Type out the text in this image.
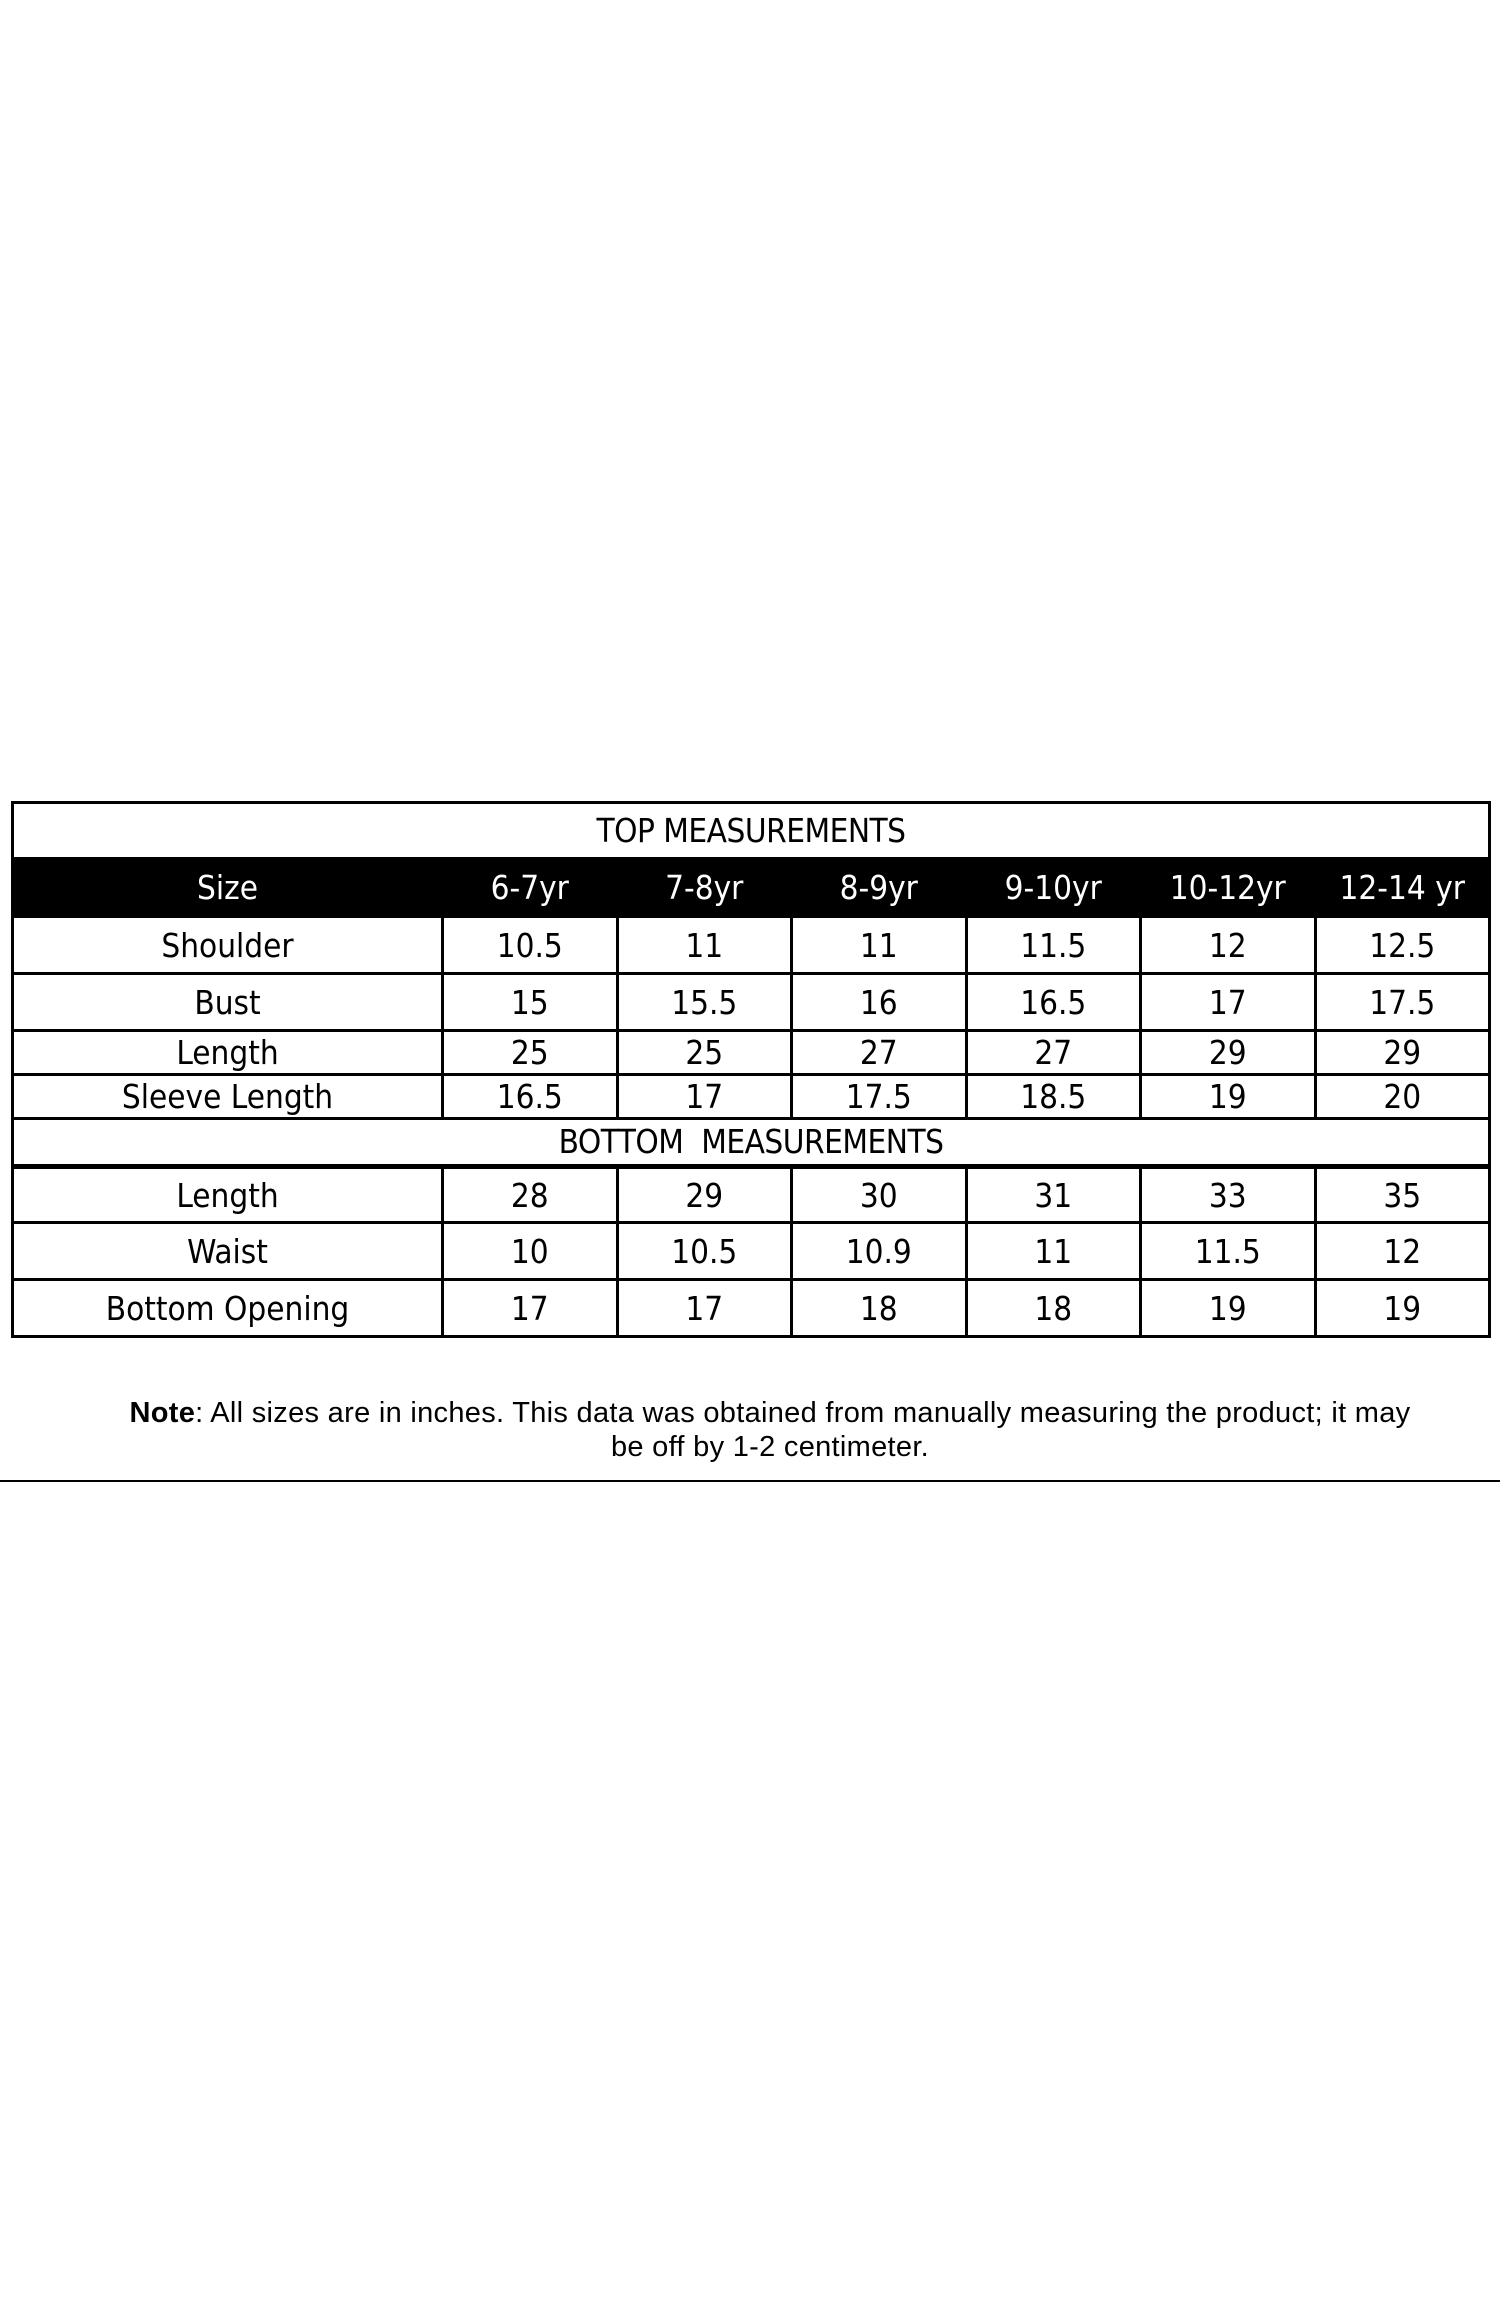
TOP MEASUREMENTS						
Size	6-7yr	7-8yr	8-9yr	9-10yr	10-12yr	12-14 yr
Shoulder	10.5	11	11	11.5	12	12.5
Bust	15	15.5	16	16.5	17	17.5
Length	25	25	27	27	29	29
Sleeve Length	16.5	17	17.5	18.5	19	20
BOTTOM  MEASUREMENTS						
Length	28	29	30	31	33	35
Waist	10	10.5	10.9	11	11.5	12
Bottom Opening	17	17	18	18	19	19
Note: All sizes are in inches. This data was obtained from manually measuring the product; it may be off by 1-2 centimeter.
